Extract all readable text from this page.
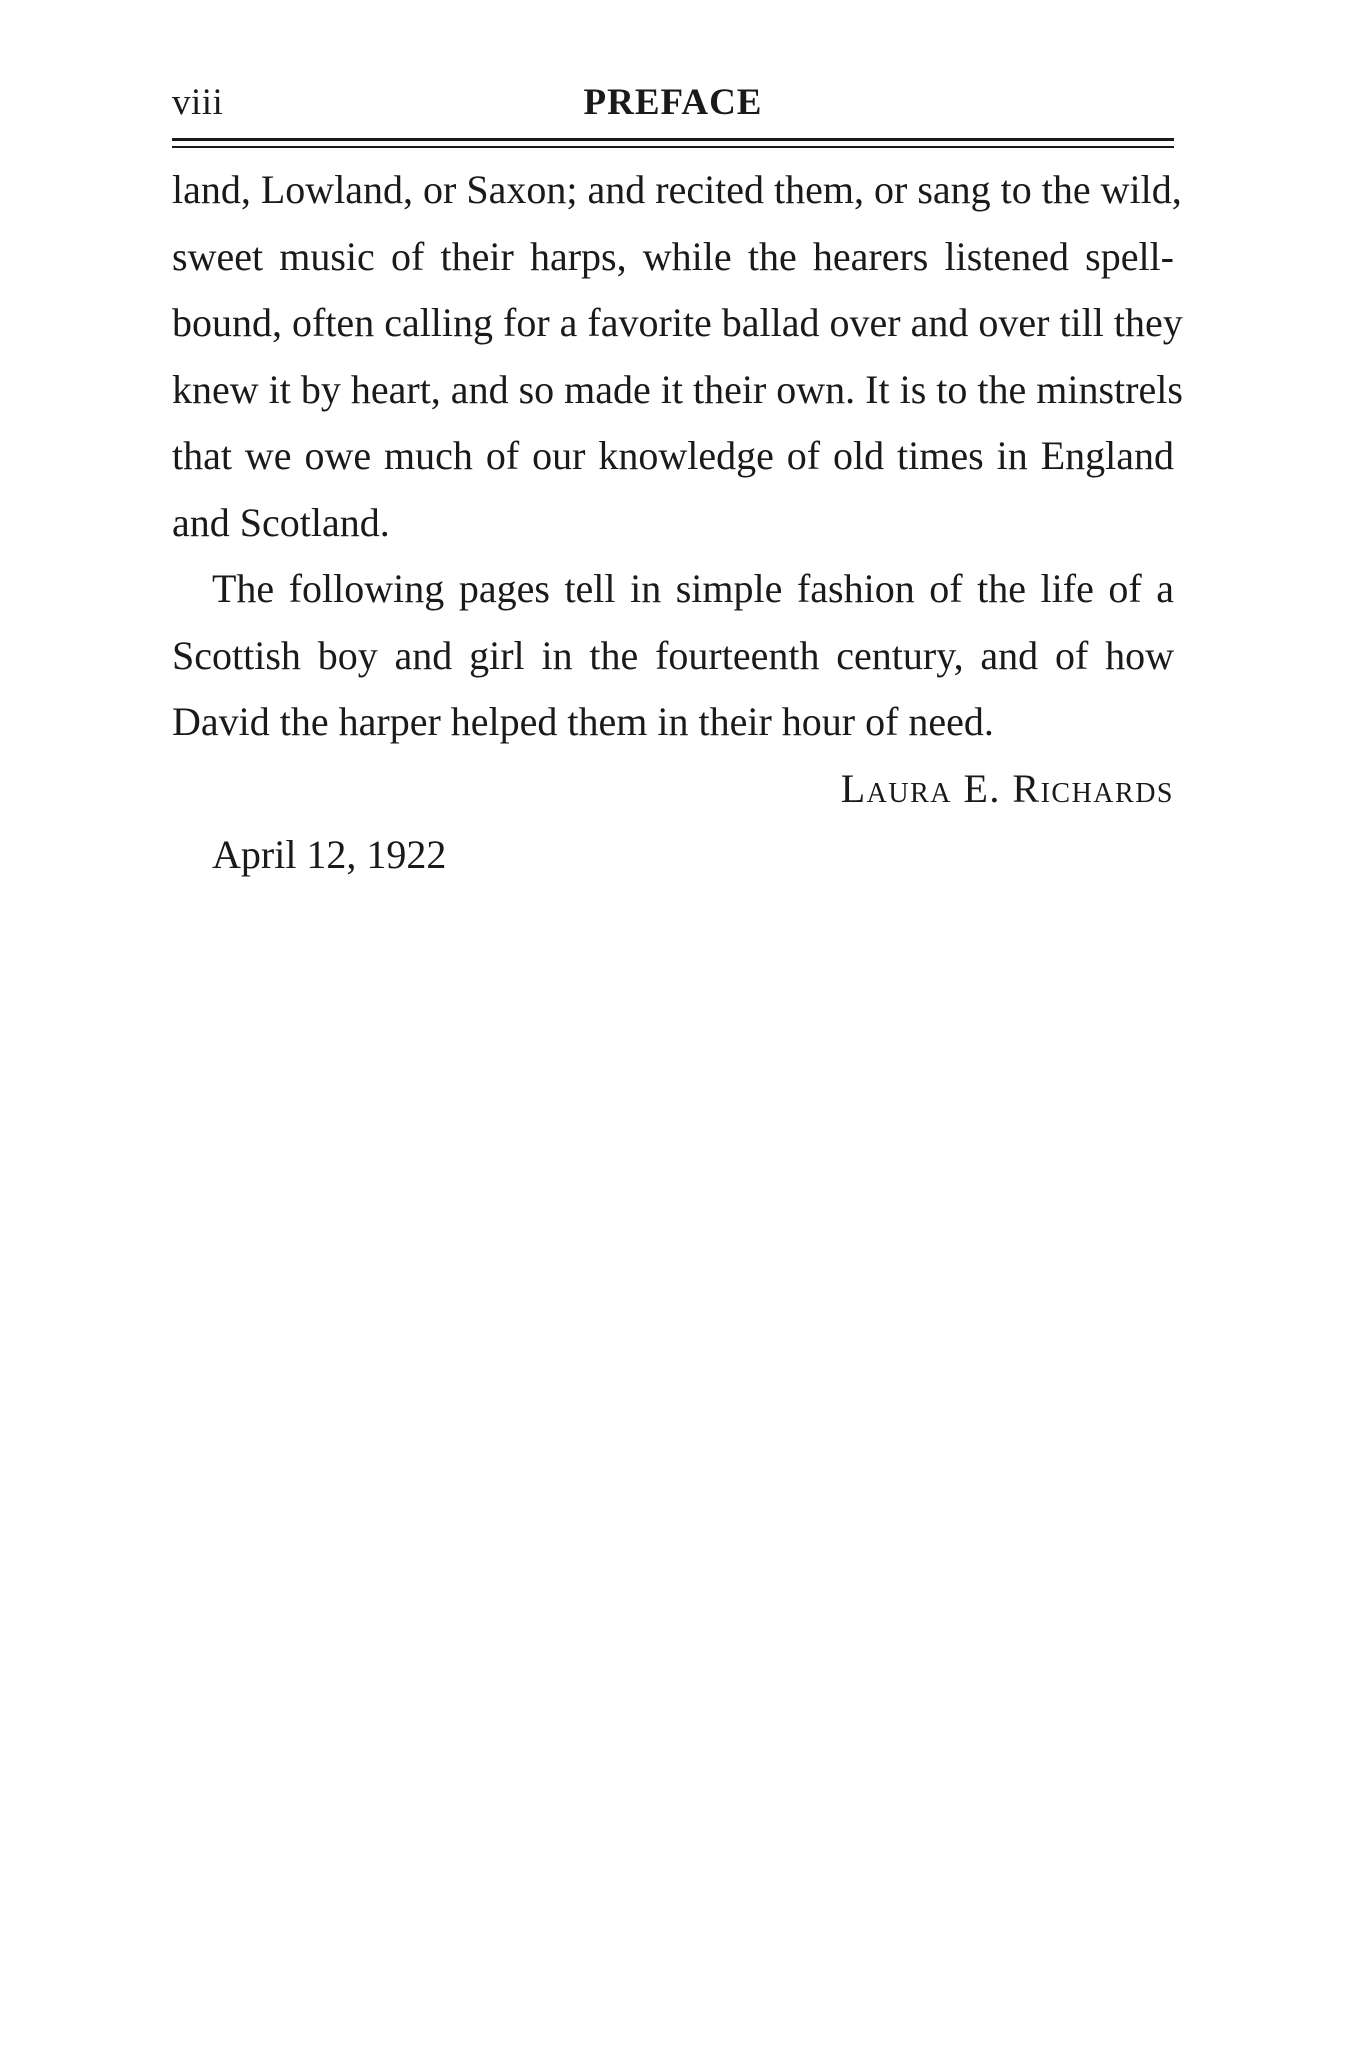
viii	PREFACE
land, Lowland, or Saxon; and recited them, or sang to the wild,
sweet music of their harps, while the hearers listened spell-
bound, often calling for a favorite ballad over and over till they
knew it by heart, and so made it their own. It is to the minstrels
that we owe much of our knowledge of old times in England
and Scotland.
The following pages tell in simple fashion of the life of a
Scottish boy and girl in the fourteenth century, and of how
David the harper helped them in their hour of need.
Laura E. Richards
April 12, 1922
